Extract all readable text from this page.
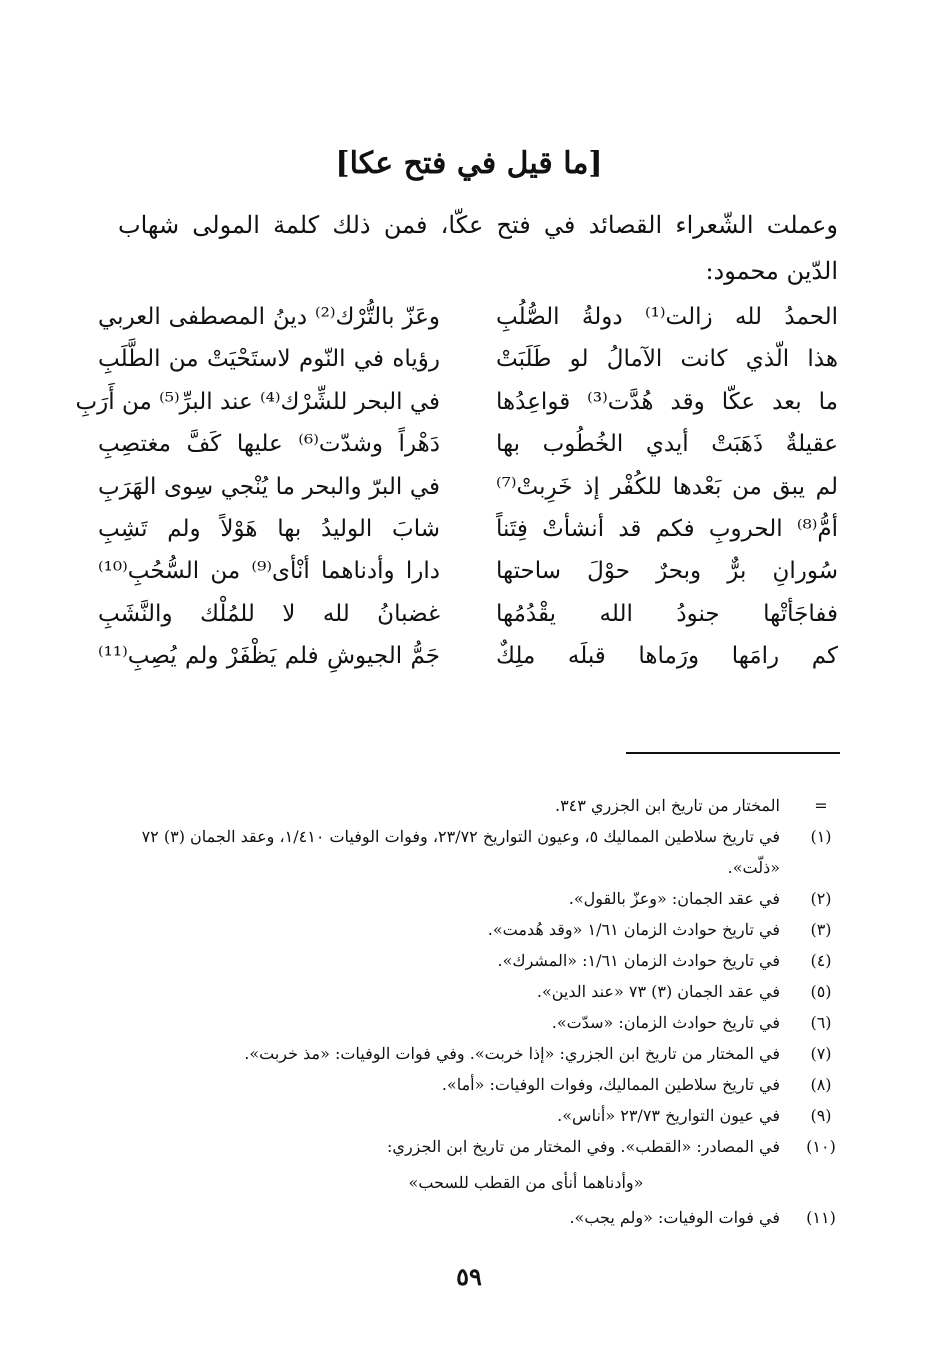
[ما قيل في فتح عكا]
وعملت الشّعراء القصائد في فتح عكّا، فمن ذلك كلمة المولى شهاب الدّين محمود:
الحمدُ لله زالت⁽¹⁾ دولةُ الصُّلُبِ
وعَزّ بالتُّرْك⁽²⁾ دينُ المصطفى العربي
هذا الّذي كانت الآمالُ لو طَلَبَتْ
رؤياه في النّوم لاستَحْيَتْ من الطَّلَبِ
ما بعد عكّا وقد هُدَّت⁽³⁾ قواعِدُها
في البحر للشِّرْك⁽⁴⁾ عند البرِّ⁽⁵⁾ من أَرَبِ
عقيلةٌ ذَهَبَتْ أيدي الخُطُوب بها
دَهْراً وشدّت⁽⁶⁾ عليها كَفَّ مغتصِبِ
لم يبق من بَعْدها للكُفْر إذ خَرِبتْ⁽⁷⁾
في البرّ والبحر ما يُنْجي سِوى الهَرَبِ
أمُّ⁽⁸⁾ الحروبِ فكم قد أنشأتْ فِتَناً
شابَ الوليدُ بها هَوْلاً ولم تَشِبِ
سُورانِ برٌّ وبحرٌ حوْلَ ساحتها
دارا وأدناهما أنْأى⁽⁹⁾ من السُّحُبِ⁽¹⁰⁾
ففاجَأتْها جنودُ الله يقْدُمُها
غضبانُ لله لا للمُلْك والنَّشَبِ
كم رامَها ورَماها قبلَه ملِكٌ
جَمُّ الجيوشِ فلم يَظْفَرْ ولم يُصِبِ⁽¹¹⁾
=
المختار من تاريخ ابن الجزري ٣٤٣.
(١)
في تاريخ سلاطين المماليك ٥، وعيون التواريخ ٢٣/٧٢، وفوات الوفيات ١/٤١٠، وعقد الجمان (٣) ٧٢ «ذلّت».
(٢)
في عقد الجمان: «وعزّ بالقول».
(٣)
في تاريخ حوادث الزمان ١/٦١ «وقد هُدمت».
(٤)
في تاريخ حوادث الزمان ١/٦١: «المشرك».
(٥)
في عقد الجمان (٣) ٧٣ «عند الدين».
(٦)
في تاريخ حوادث الزمان: «سدّت».
(٧)
في المختار من تاريخ ابن الجزري: «إذا خربت». وفي فوات الوفيات: «مذ خربت».
(٨)
في تاريخ سلاطين المماليك، وفوات الوفيات: «أما».
(٩)
في عيون التواريخ ٢٣/٧٣ «أناس».
(١٠)
في المصادر: «القطب». وفي المختار من تاريخ ابن الجزري:
«وأدناهما أنأى من القطب للسحب»
(١١)
في فوات الوفيات: «ولم يجب».
٥٩
